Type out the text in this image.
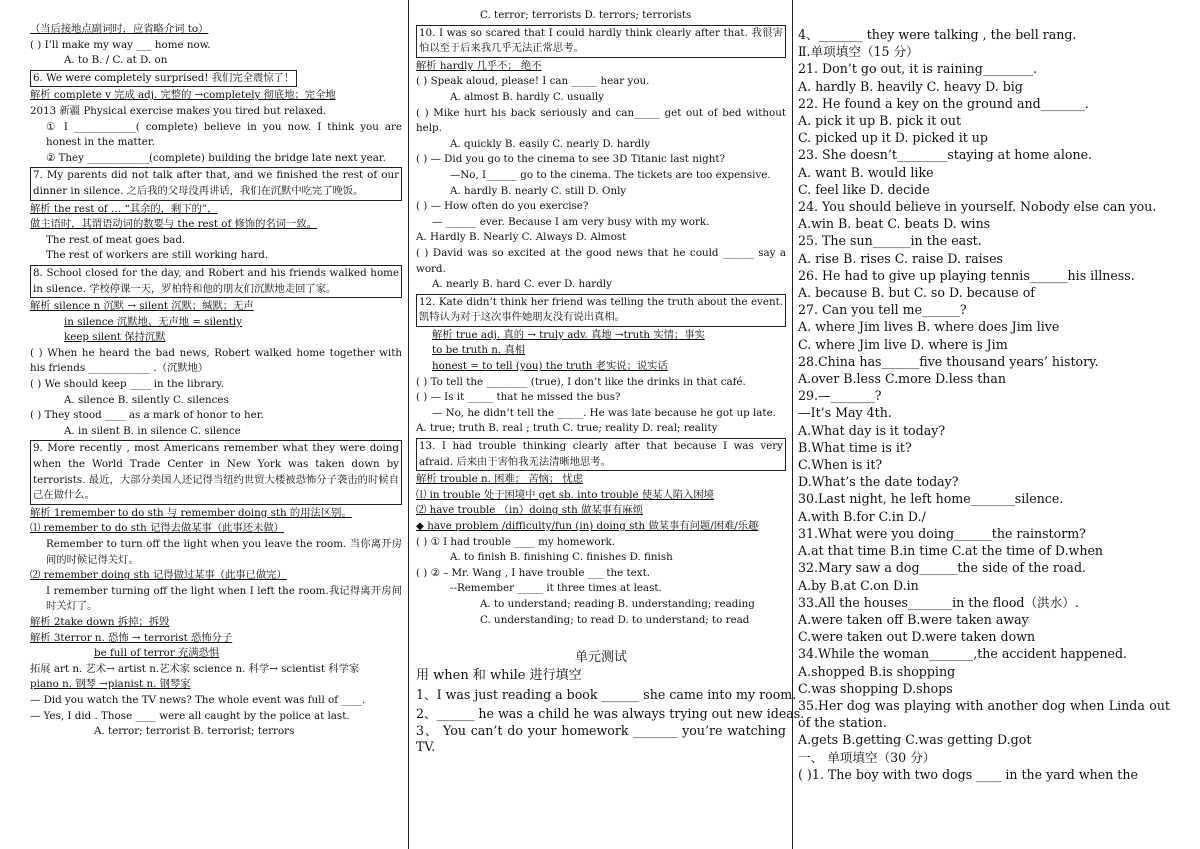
（当后接地点副词时，应省略介词 to）
( ) I’ll make my way ___ home now.
A. to B. / C. at D. on
6. We were completely surprised! 我们完全震惊了！
解析 complete v 完成 adj. 完整的 →completely 彻底地；完全地
2013 新疆 Physical exercise makes you tired but relaxed.
① I ____________( complete) believe in you now. I think you are honest in the matter.
② They ____________(complete) building the bridge late next year.
7. My parents did not talk after that, and we finished the rest of our dinner in silence. 之后我的父母没再讲话，我们在沉默中吃完了晚饭。
解析 the rest of … “其余的，剩下的”，
做主语时，其谓语动词的数要与 the rest of 修饰的名词一致。
The rest of meat goes bad.
The rest of workers are still working hard.
8. School closed for the day, and Robert and his friends walked home in silence. 学校停课一天，罗柏特和他的朋友们沉默地走回了家。
解析 silence n 沉默 → silent 沉默；缄默；无声
in silence 沉默地、无声地 = silently
keep silent 保持沉默
( ) When he heard the bad news, Robert walked home together with his friends ____________ .（沉默地）
( ) We should keep ____ in the library.
A. silence B. silently C. silences
( ) They stood ____ as a mark of honor to her.
A. in silent B. in silence C. silence
9. More recently , most Americans remember what they were doing when the World Trade Center in New York was taken down by terrorists. 最近，大部分美国人还记得当纽约世贸大楼被恐怖分子袭击的时候自己在做什么。
解析 1remember to do sth 与 remember doing sth 的用法区别。
⑴ remember to do sth 记得去做某事（此事还未做）
Remember to turn off the light when you leave the room. 当你离开房间的时候记得关灯。
⑵ remember doing sth 记得做过某事（此事已做完）
I remember turning off the light when I left the room.我记得离开房间时关灯了。
解析 2take down 拆掉；拆毁
解析 3terror n. 恐怖 → terrorist 恐怖分子
be full of terror 充满恐惧
拓展 art n. 艺术→ artist n.艺术家 science n. 科学→ scientist 科学家
piano n. 钢琴 →pianist n. 钢琴家
— Did you watch the TV news? The whole event was full of ____.
— Yes, I did . Those ____ were all caught by the police at last.
A. terror; terrorist B. terrorist; terrors
C. terror; terrorists D. terrors; terrorists
10. I was so scared that I could hardly think clearly after that. 我很害怕以至于后来我几乎无法正常思考。
解析 hardly 几乎不； 绝不
( ) Speak aloud, please! I can _____ hear you.
A. almost B. hardly C. usually
( ) Mike hurt his back seriously and can_____ get out of bed without help.
A. quickly B. easily C. nearly D. hardly
( ) — Did you go to the cinema to see 3D Titanic last night?
—No, I______ go to the cinema. The tickets are too expensive.
A. hardly B. nearly C. still D. Only
( ) — How often do you exercise?
— ______ ever. Because I am very busy with my work.
A. Hardly B. Nearly C. Always D. Almost
( ) David was so excited at the good news that he could ______ say a word.
A. nearly B. hard C. ever D. hardly
12. Kate didn’t think her friend was telling the truth about the event. 凯特认为对于这次事件她朋友没有说出真相。
解析 true adj. 真的 → truly adv. 真地 →truth 实情；事实
to be truth n. 真相
honest = to tell (you) the truth 老实说；说实话
( ) To tell the ________ (true), I don’t like the drinks in that café.
( ) — Is it _____ that he missed the bus?
— No, he didn’t tell the _____. He was late because he got up late.
A. true; truth B. real ; truth C. true; reality D. real; reality
13. I had trouble thinking clearly after that because I was very afraid. 后来由于害怕我无法清晰地思考。
解析 trouble n. 困难； 苦恼； 忧虑
⑴ in trouble 处于困境中 get sb. into trouble 使某人陷入困境
⑵ have trouble （in）doing sth 做某事有麻烦
◆ have problem /difficulty/fun (in) doing sth 做某事有问题/困难/乐趣
( ) ① I had trouble ____ my homework.
A. to finish B. finishing C. finishes D. finish
( ) ② – Mr. Wang , I have trouble ___ the text.
--Remember _____ it three times at least.
A. to understand; reading B. understanding; reading
C. understanding; to read D. to understand; to read
单元测试
用 when 和 while 进行填空
1、I was just reading a book ______ she came into my room.
2、______ he was a child he was always trying out new ideas.
3、 You can’t do your homework _______ you’re watching TV.
4、_______ they were talking , the bell rang.
Ⅱ.单项填空（15 分）
21. Don’t go out, it is raining________.
A. hardly B. heavily C. heavy D. big
22. He found a key on the ground and_______.
A. pick it up B. pick it out
C. picked up it D. picked it up
23. She doesn’t________staying at home alone.
A. want B. would like
C. feel like D. decide
24. You should believe in yourself. Nobody else can you.
A.win B. beat C. beats D. wins
25. The sun______in the east.
A. rise B. rises C. raise D. raises
26. He had to give up playing tennis______his illness.
A. because B. but C. so D. because of
27. Can you tell me______?
A. where Jim lives B. where does Jim live
C. where Jim live D. where is Jim
28.China has______five thousand years’ history.
A.over B.less C.more D.less than
29.—_______?
—It’s May 4th.
A.What day is it today?
B.What time is it?
C.When is it?
D.What’s the date today?
30.Last night, he left home_______silence.
A.with B.for C.in D./
31.What were you doing______the rainstorm?
A.at that time B.in time C.at the time of D.when
32.Mary saw a dog______the side of the road.
A.by B.at C.on D.in
33.All the houses_______in the flood（洪水）.
A.were taken off B.were taken away
C.were taken out D.were taken down
34.While the woman_______,the accident happened.
A.shopped B.is shopping
C.was shopping D.shops
35.Her dog was playing with another dog when Linda out of the station.
A.gets B.getting C.was getting D.got
一、 单项填空（30 分）
( )1. The boy with two dogs ____ in the yard when the
